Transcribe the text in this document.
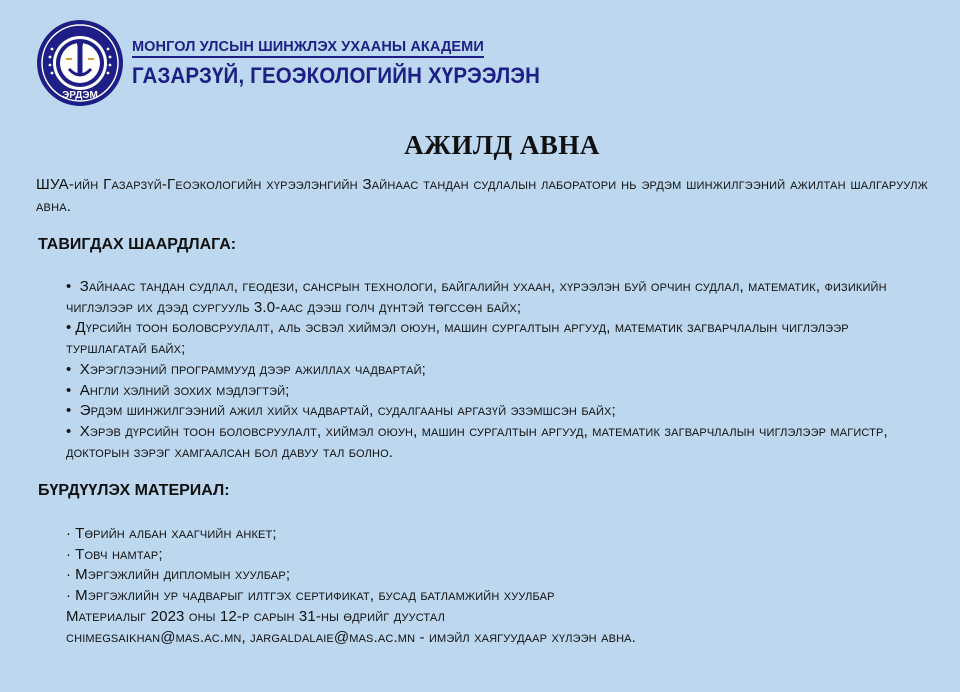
ЭРДЭМ
МОНГОЛ УЛСЫН ШИНЖЛЭХ УХААНЫ АКАДЕМИ
ГАЗАРЗҮЙ, ГЕОЭКОЛОГИЙН ХҮРЭЭЛЭН
АЖИЛД АВНА
ШУА-ийн Газарзүй-Геоэкологийн хүрээлэнгийн Зайнаас тандан судлалын лаборатори нь эрдэм шинжилгээний ажилтан шалгаруулж авна.
ТАВИГДАХ ШААРДЛАГА:
• Зайнаас тандан судлал, геодези, сансрын технологи, байгалийн ухаан, хүрээлэн буй орчин судлал, математик, физикийн чиглэлээр их дээд сургууль 3.0-аас дээш голч дүнтэй төгссөн байх;
• Дүрсийн тоон боловсруулалт, аль эсвэл хиймэл оюун, машин сургалтын аргууд, математик загварчлалын чиглэлээр туршлагатай байх;
• Хэрэглээний программууд дээр ажиллах чадвартай;
• Англи хэлний зохих мэдлэгтэй;
• Эрдэм шинжилгээний ажил хийх чадвартай, судалгааны аргазүй эзэмшсэн байх;
• Хэрэв дүрсийн тоон боловсруулалт, хиймэл оюун, машин сургалтын аргууд, математик загварчлалын чиглэлээр магистр, докторын зэрэг хамгаалсан бол давуу тал болно.
БҮРДҮҮЛЭХ МАТЕРИАЛ:
· Төрийн албан хаагчийн анкет;
· Товч намтар;
· Мэргэжлийн дипломын хуулбар;
· Мэргэжлийн ур чадварыг илтгэх сертификат, бусад батламжийн хуулбар
Материалыг 2023 оны 12-р сарын 31-ны өдрийг дуустал
chimegsaikhan@mas.ac.mn, jargaldalaie@mas.ac.mn - имэйл хаягуудаар хүлээн авна.
